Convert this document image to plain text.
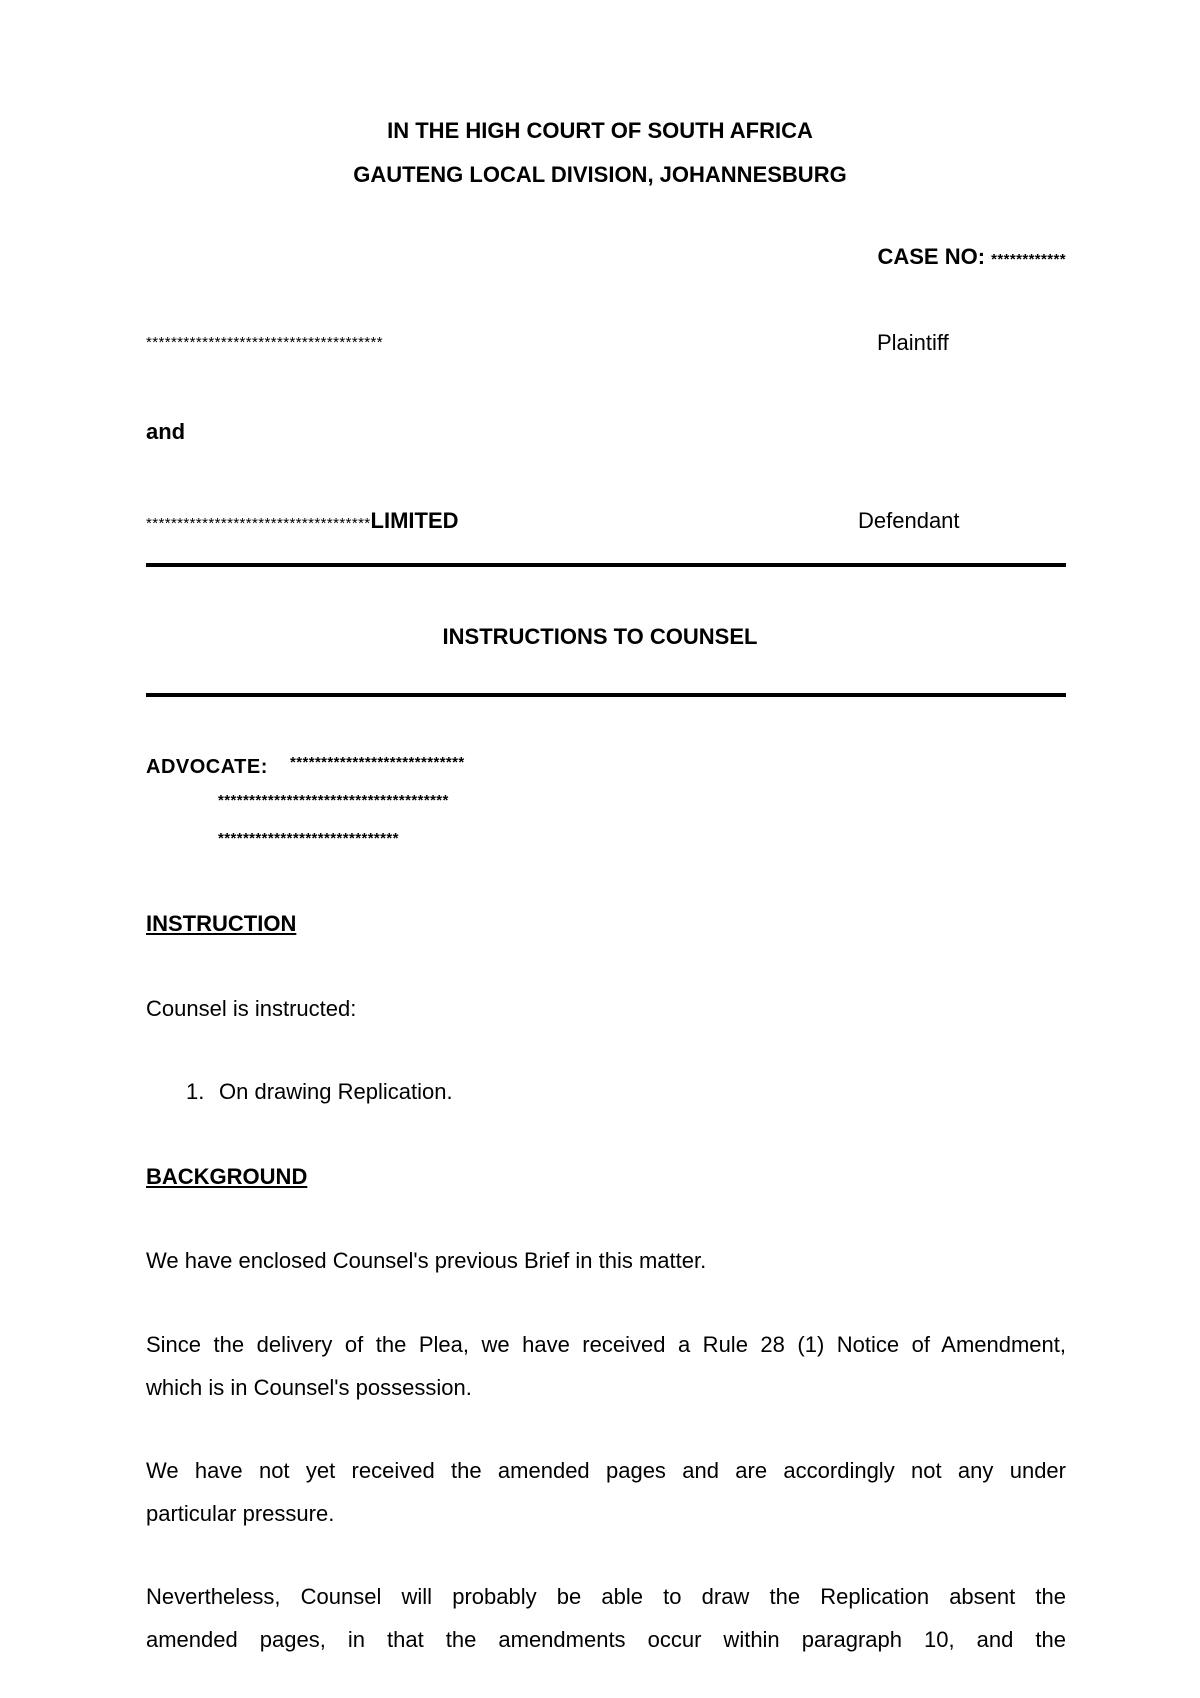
IN THE HIGH COURT OF SOUTH AFRICA
GAUTENG LOCAL DIVISION, JOHANNESBURG
CASE NO: ************
**************************************	Plaintiff
and
************************************LIMITED	Defendant
INSTRUCTIONS TO COUNSEL
ADVOCATE: ****************************
*************************************
*****************************
INSTRUCTION
Counsel is instructed:
1. On drawing Replication.
BACKGROUND
We have enclosed Counsel's previous Brief in this matter.
Since the delivery of the Plea, we have received a Rule 28 (1) Notice of Amendment,
which is in Counsel's possession.
We have not yet received the amended pages and are accordingly not any under
particular pressure.
Nevertheless, Counsel will probably be able to draw the Replication absent the
amended pages, in that the amendments occur within paragraph 10, and the
